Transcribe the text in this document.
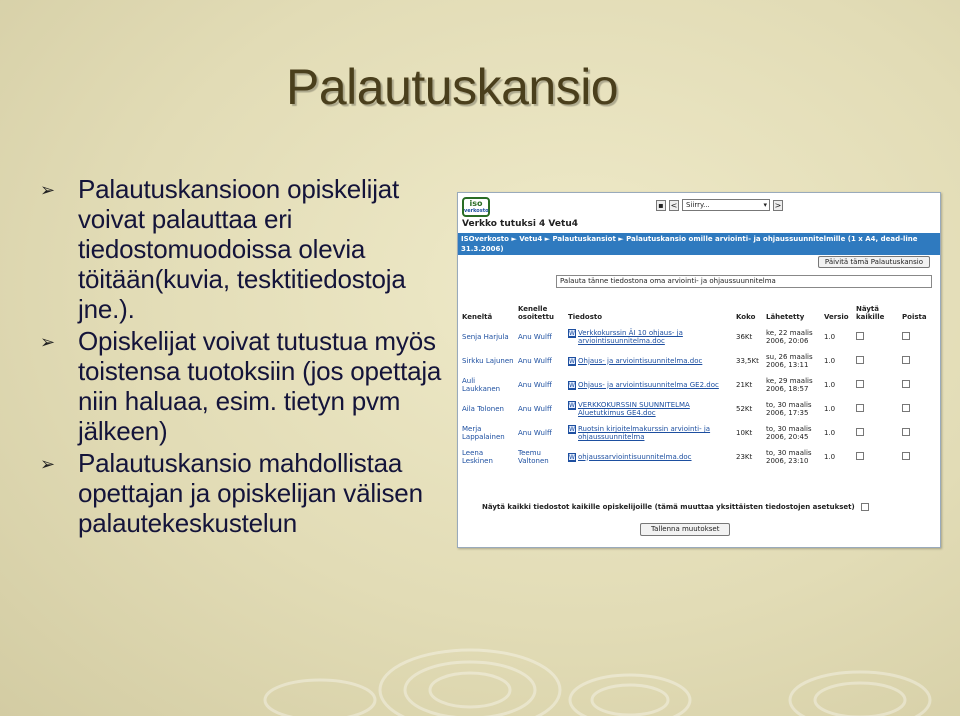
Palautuskansio
➢ Palautuskansioon opiskelijat voivat palauttaa eri tiedostomuodoissa olevia töitään(kuvia, tesktitiedostoja jne.).
➢ Opiskelijat voivat tutustua myös toistensa tuotoksiin (jos opettaja niin haluaa, esim. tietyn pvm jälkeen)
➢ Palautuskansio mahdollistaa opettajan ja opiskelijan välisen palautekeskustelun
iso
verkosto
▪ <	Siirry... ▾	>
Verkko tutuksi 4 Vetu4
ISOverkosto ► Vetu4 ► Palautuskansiot ► Palautuskansio omille arviointi- ja ohjaussuunnitelmille (1 x A4, dead-line 31.3.2006)
Päivitä tämä Palautuskansio
Palauta tänne tiedostona oma arviointi- ja ohjaussuunnitelma
Keneltä	Kenelle osoitettu	Tiedosto	Koko	Lähetetty	Versio	Näytä kaikille	Poista
Senja Harjula	Anu Wulff	W Verkkokurssin ÄI 10 ohjaus- ja arviointisuunnitelma.doc	36Kt	ke, 22 maalis 2006, 20:06	1.0		
Sirkku Lajunen	Anu Wulff	W Ohjaus- ja arviointisuunnitelma.doc	33,5Kt	su, 26 maalis 2006, 13:11	1.0		
Auli Laukkanen	Anu Wulff	W Ohjaus- ja arviointisuunnitelma GE2.doc	21Kt	ke, 29 maalis 2006, 18:57	1.0		
Aila Tolonen	Anu Wulff	W VERKKOKURSSIN SUUNNITELMA Aluetutkimus GE4.doc	52Kt	to, 30 maalis 2006, 17:35	1.0		
Merja Lappalainen	Anu Wulff	W Ruotsin kirjoitelmakurssin arviointi- ja ohjaussuunnitelma	10Kt	to, 30 maalis 2006, 20:45	1.0		
Leena Leskinen	Teemu Valtonen	W ohjaussarviointisuunnitelma.doc	23Kt	to, 30 maalis 2006, 23:10	1.0		
Näytä kaikki tiedostot kaikille opiskelijoille (tämä muuttaa yksittäisten tiedostojen asetukset)
Tallenna muutokset
